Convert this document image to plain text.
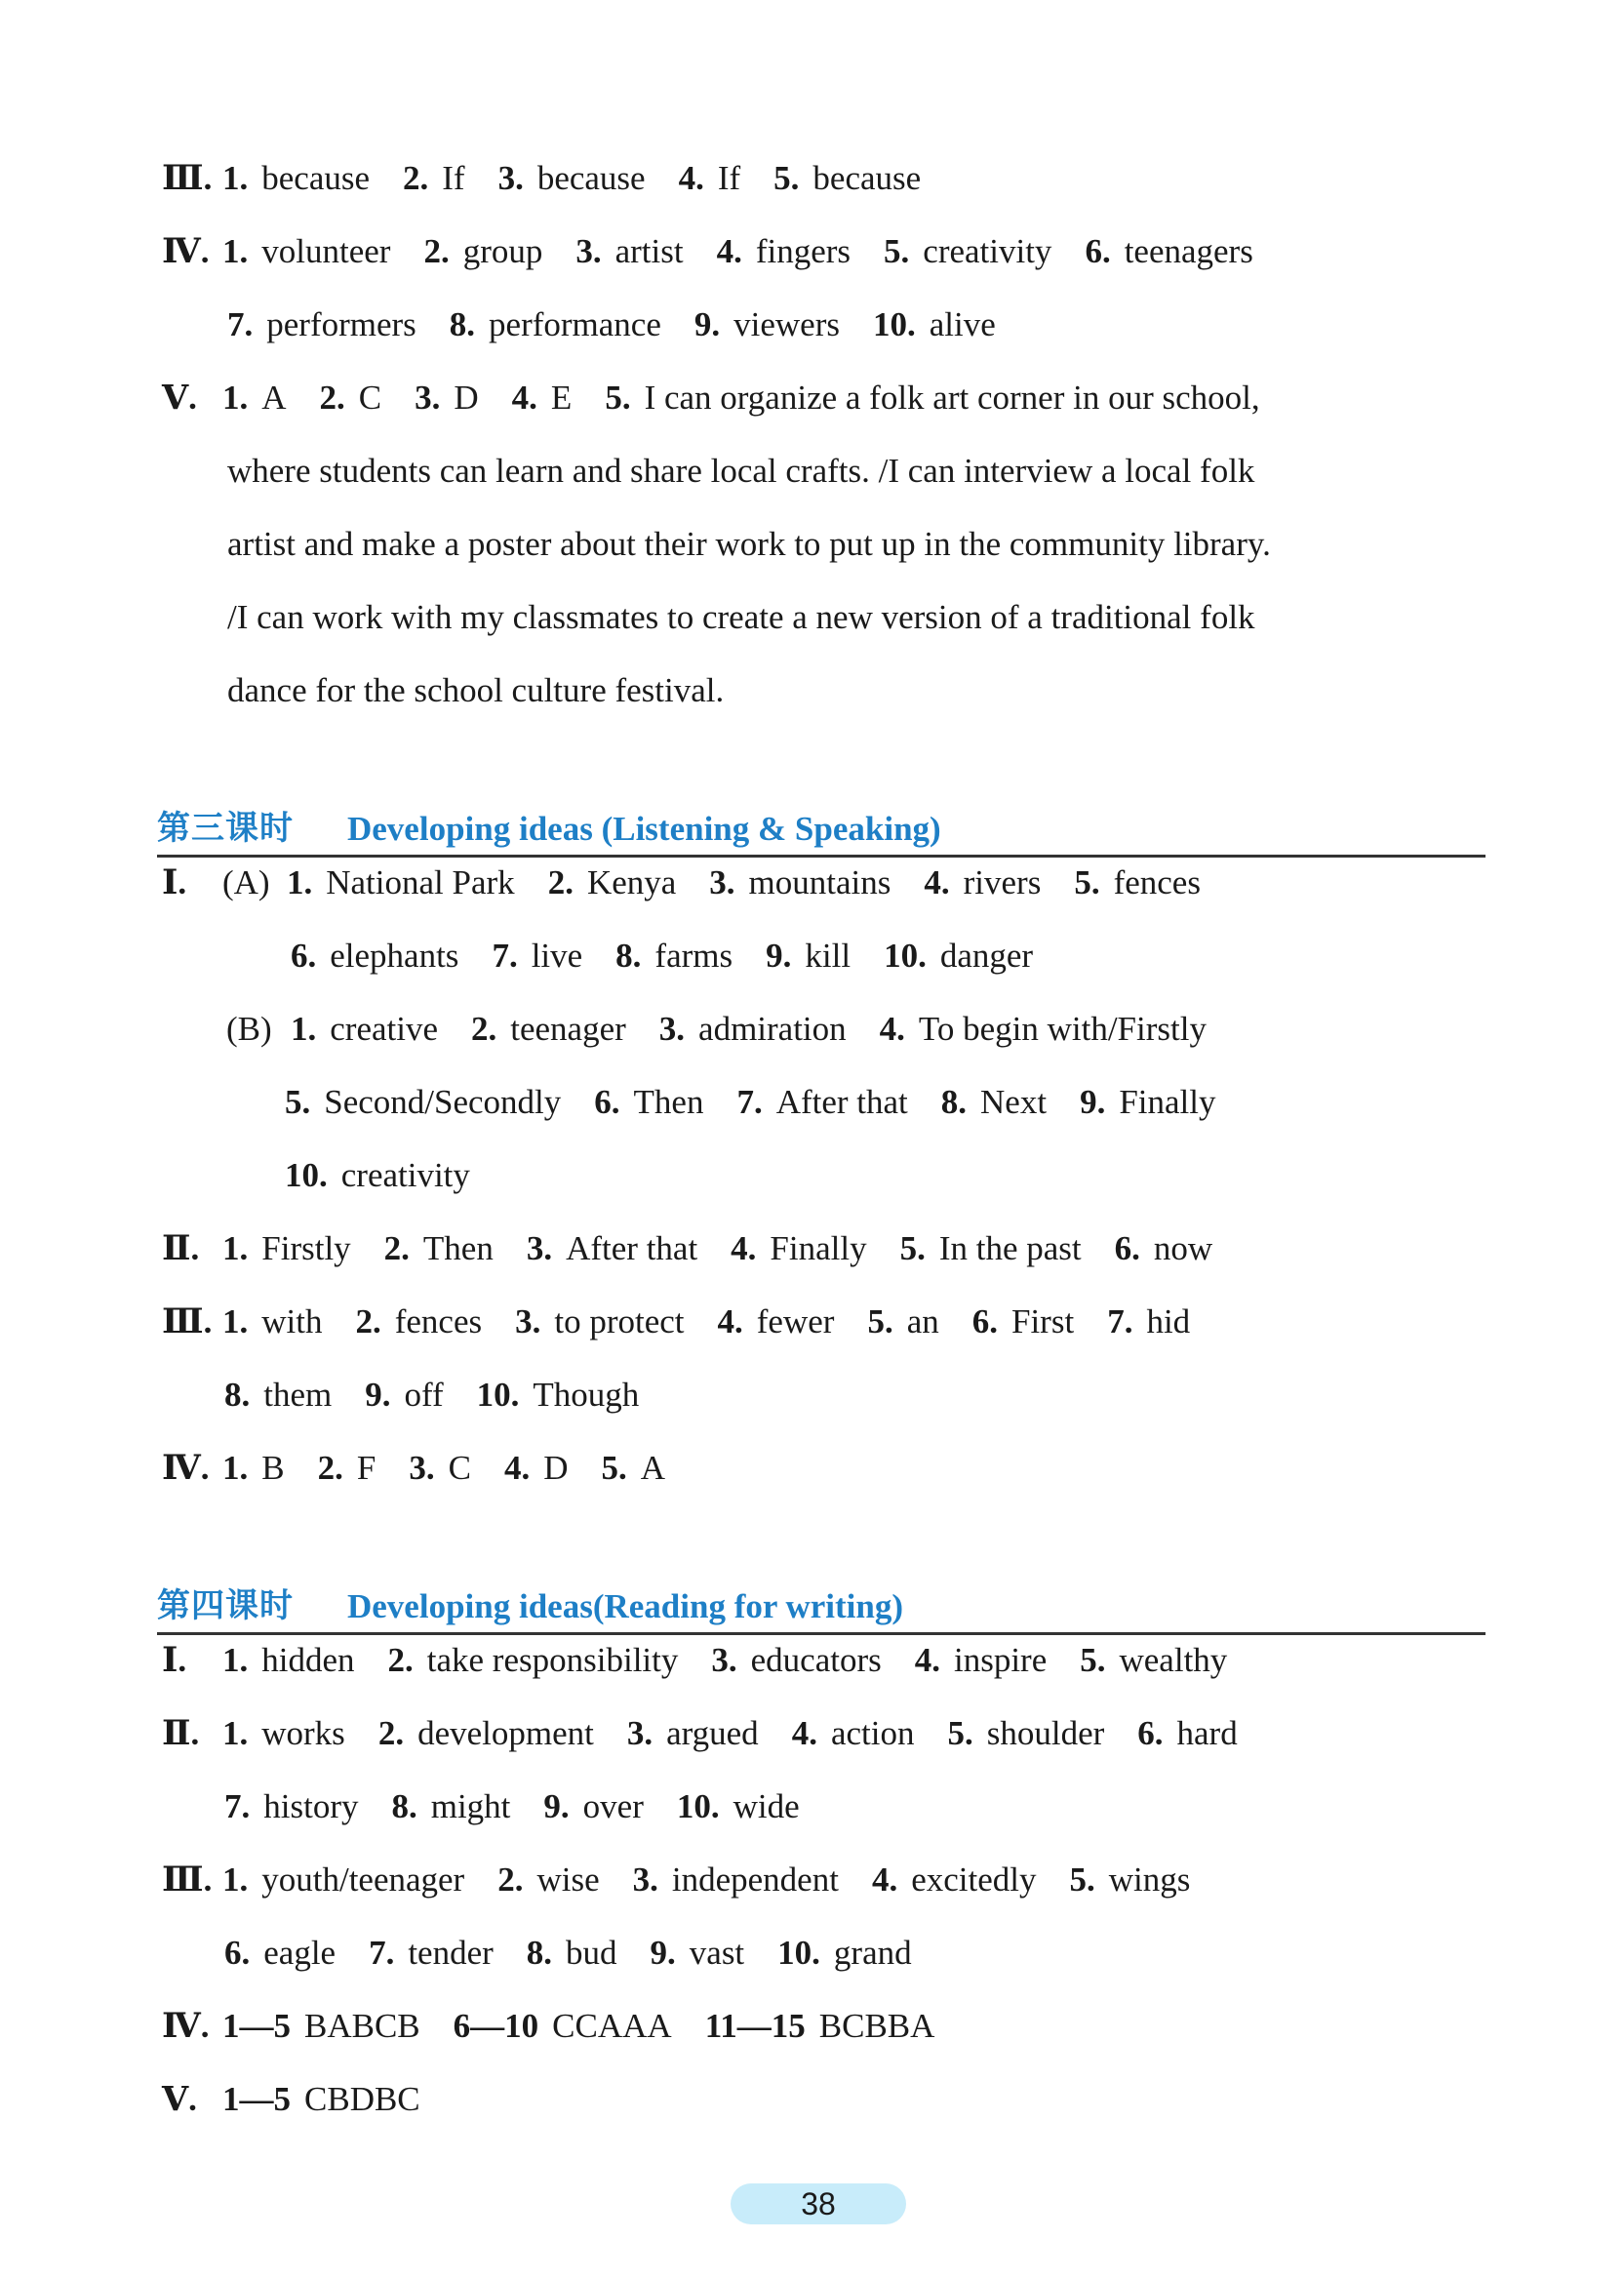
Ⅲ. 1. because 2. If 3. because 4. If 5. because
Ⅳ. 1. volunteer 2. group 3. artist 4. fingers 5. creativity 6. teenagers
7. performers 8. performance 9. viewers 10. alive
Ⅴ. 1. A 2. C 3. D 4. E 5. I can organize a folk art corner in our school,
where students can learn and share local crafts. /I can interview a local folk
artist and make a poster about their work to put up in the community library.
/I can work with my classmates to create a new version of a traditional folk
dance for the school culture festival.
Ⅰ. (A) 1. National Park 2. Kenya 3. mountains 4. rivers 5. fences
6. elephants 7. live 8. farms 9. kill 10. danger
(B) 1. creative 2. teenager 3. admiration 4. To begin with/Firstly
5. Second/Secondly 6. Then 7. After that 8. Next 9. Finally
10. creativity
Ⅱ. 1. Firstly 2. Then 3. After that 4. Finally 5. In the past 6. now
Ⅲ. 1. with 2. fences 3. to protect 4. fewer 5. an 6. First 7. hid
8. them 9. off 10. Though
Ⅳ. 1. B 2. F 3. C 4. D 5. A
Ⅰ. 1. hidden 2. take responsibility 3. educators 4. inspire 5. wealthy
Ⅱ. 1. works 2. development 3. argued 4. action 5. shoulder 6. hard
7. history 8. might 9. over 10. wide
Ⅲ. 1. youth/teenager 2. wise 3. independent 4. excitedly 5. wings
6. eagle 7. tender 8. bud 9. vast 10. grand
Ⅳ. 1—5 BABCB 6—10 CCAAA 11—15 BCBBA
Ⅴ. 1—5 CBDBC
第三课时 Developing ideas (Listening & Speaking)
第四课时 Developing ideas(Reading for writing)
38
